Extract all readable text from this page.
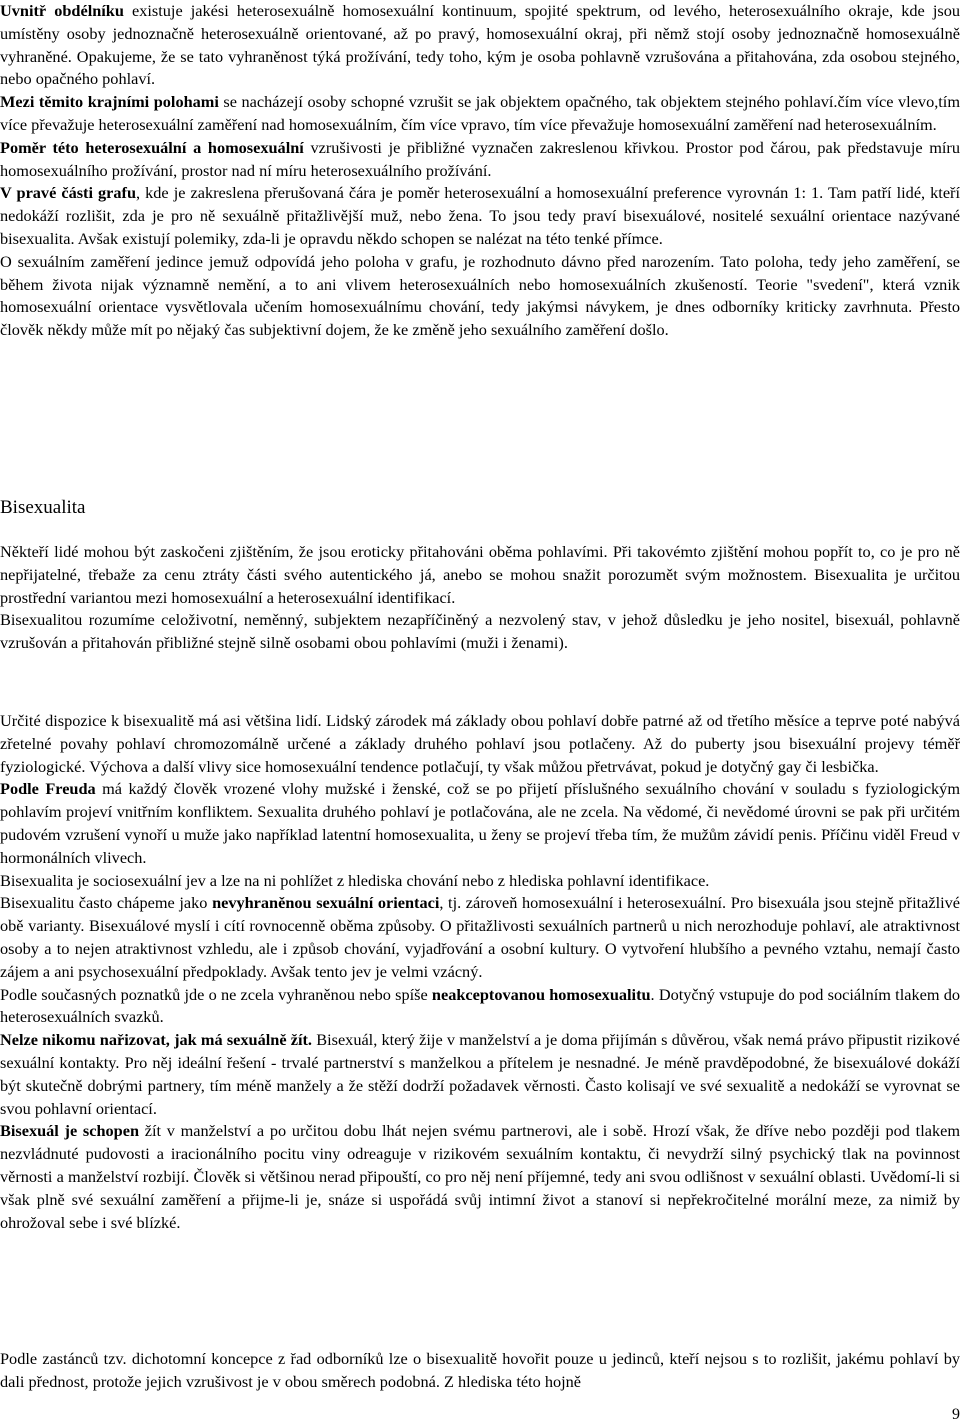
Uvnitř obdélníku existuje jakési heterosexuálně homosexuální kontinuum, spojité spektrum, od levého, heterosexuálního okraje, kde jsou umístěny osoby jednoznačně heterosexuálně orientované, až po pravý, homosexuální okraj, při němž stojí osoby jednoznačně homosexuálně vyhraněné. Opakujeme, že se tato vyhraněnost týká prožívání, tedy toho, kým je osoba pohlavně vzrušována a přitahována, zda osobou stejného, nebo opačného pohlaví.

Mezi těmito krajními polohami se nacházejí osoby schopné vzrušit se jak objektem opačného, tak objektem stejného pohlaví.čím více vlevo,tím více převažuje heterosexuální zaměření nad homosexuálním, čím více vpravo, tím více převažuje homosexuální zaměření nad heterosexuálním.

Poměr této heterosexuální a homosexuální vzrušivosti je přibližné vyznačen zakreslenou křivkou. Prostor pod čárou, pak představuje míru homosexuálního prožívání, prostor nad ní míru heterosexuálního prožívání.

V pravé části grafu, kde je zakreslena přerušovaná čára je poměr heterosexuální a homosexuální preference vyrovnán 1: 1. Tam patří lidé, kteří nedokáží rozlišit, zda je pro ně sexuálně přitažlivější muž, nebo žena. To jsou tedy praví bisexuálové, nositelé sexuální orientace nazývané bisexualita. Avšak existují polemiky, zda-li je opravdu někdo schopen se nalézat na této tenké přímce.

O sexuálním zaměření jedince jemuž odpovídá jeho poloha v grafu, je rozhodnuto dávno před narozením. Tato poloha, tedy jeho zaměření, se během života nijak významně nemění, a to ani vlivem heterosexuálních nebo homosexuálních zkušeností. Teorie "svedení", která vznik homosexuální orientace vysvětlovala učením homosexuálnímu chování, tedy jakýmsi návykem, je dnes odborníky kriticky zavrhnuta. Přesto člověk někdy může mít po nějaký čas subjektivní dojem, že ke změně jeho sexuálního zaměření došlo.

Bisexualita

Někteří lidé mohou být zaskočeni zjištěním, že jsou eroticky přitahováni oběma pohlavími. Při takovémto zjištění mohou popřít to, co je pro ně nepřijatelné, třebaže za cenu ztráty části svého autentického já, anebo se mohou snažit porozumět svým možnostem. Bisexualita je určitou prostřední variantou mezi homosexuální a heterosexuální identifikací.

Bisexualitou rozumíme celoživotní, neměnný, subjektem nezapříčiněný a nezvolený stav, v jehož důsledku je jeho nositel, bisexuál, pohlavně vzrušován a přitahován přibližné stejně silně osobami obou pohlavími (muži i ženami).

Určité dispozice k bisexualitě má asi většina lidí. Lidský zárodek má základy obou pohlaví dobře patrné až od třetího měsíce a teprve poté nabývá zřetelné povahy pohlaví chromozomálně určené a základy druhého pohlaví jsou potlačeny. Až do puberty jsou bisexuální projevy téměř fyziologické. Výchova a další vlivy sice homosexuální tendence potlačují, ty však můžou přetrvávat, pokud je dotyčný gay či lesbička.

Podle Freuda má každý člověk vrozené vlohy mužské i ženské, což se po přijetí příslušného sexuálního chování v souladu s fyziologickým pohlavím projeví vnitřním konfliktem. Sexualita druhého pohlaví je potlačována, ale ne zcela. Na vědomé, či nevědomé úrovni se pak při určitém pudovém vzrušení vynoří u muže jako například latentní homosexualita, u ženy se projeví třeba tím, že mužům závidí penis. Příčinu viděl Freud v hormonálních vlivech.

Bisexualita je sociosexuální jev a lze na ni pohlížet z hlediska chování nebo z hlediska pohlavní identifikace.

Bisexualitu často chápeme jako nevyhraněnou sexuální orientaci, tj. zároveň homosexuální i heterosexuální. Pro bisexuála jsou stejně přitažlivé obě varianty. Bisexuálové myslí i cítí rovnocenně oběma způsoby. O přitažlivosti sexuálních partnerů u nich nerozhoduje pohlaví, ale atraktivnost osoby a to nejen atraktivnost vzhledu, ale i způsob chování, vyjadřování a osobní kultury. O vytvoření hlubšího a pevného vztahu, nemají často zájem a ani psychosexuální předpoklady. Avšak tento jev je velmi vzácný.

Podle současných poznatků jde o ne zcela vyhraněnou nebo spíše neakceptovanou homosexualitu. Dotyčný vstupuje do pod sociálním tlakem do heterosexuálních svazků.

Nelze nikomu nařizovat, jak má sexuálně žít. Bisexuál, který žije v manželství a je doma přijímán s důvěrou, však nemá právo připustit rizikové sexuální kontakty. Pro něj ideální řešení - trvalé partnerství s manželkou a přítelem je nesnadné. Je méně pravděpodobné, že bisexuálové dokáží být skutečně dobrými partnery, tím méně manžely a že stěží dodrží požadavek věrnosti. Často kolisají ve své sexualitě a nedokáží se vyrovnat se svou pohlavní orientací.

Bisexuál je schopen žít v manželství a po určitou dobu lhát nejen svému partnerovi, ale i sobě. Hrozí však, že dříve nebo později pod tlakem nezvládnuté pudovosti a iracionálního pocitu viny odreaguje v rizikovém sexuálním kontaktu, či nevydrží silný psychický tlak na povinnost věrnosti a manželství rozbijí. Člověk si většinou nerad připouští, co pro něj není příjemné, tedy ani svou odlišnost v sexuální oblasti. Uvědomí-li si však plně své sexuální zaměření a přijme-li je, snáze si uspořádá svůj intimní život a stanoví si nepřekročitelné morální meze, za nimiž by ohrožoval sebe i své blízké.

Podle zastánců tzv. dichotomní koncepce z řad odborníků lze o bisexualitě hovořit pouze u jedinců, kteří nejsou s to rozlišit, jakému pohlaví by dali přednost, protože jejich vzrušivost je v obou směrech podobná. Z hlediska této hojně

9
